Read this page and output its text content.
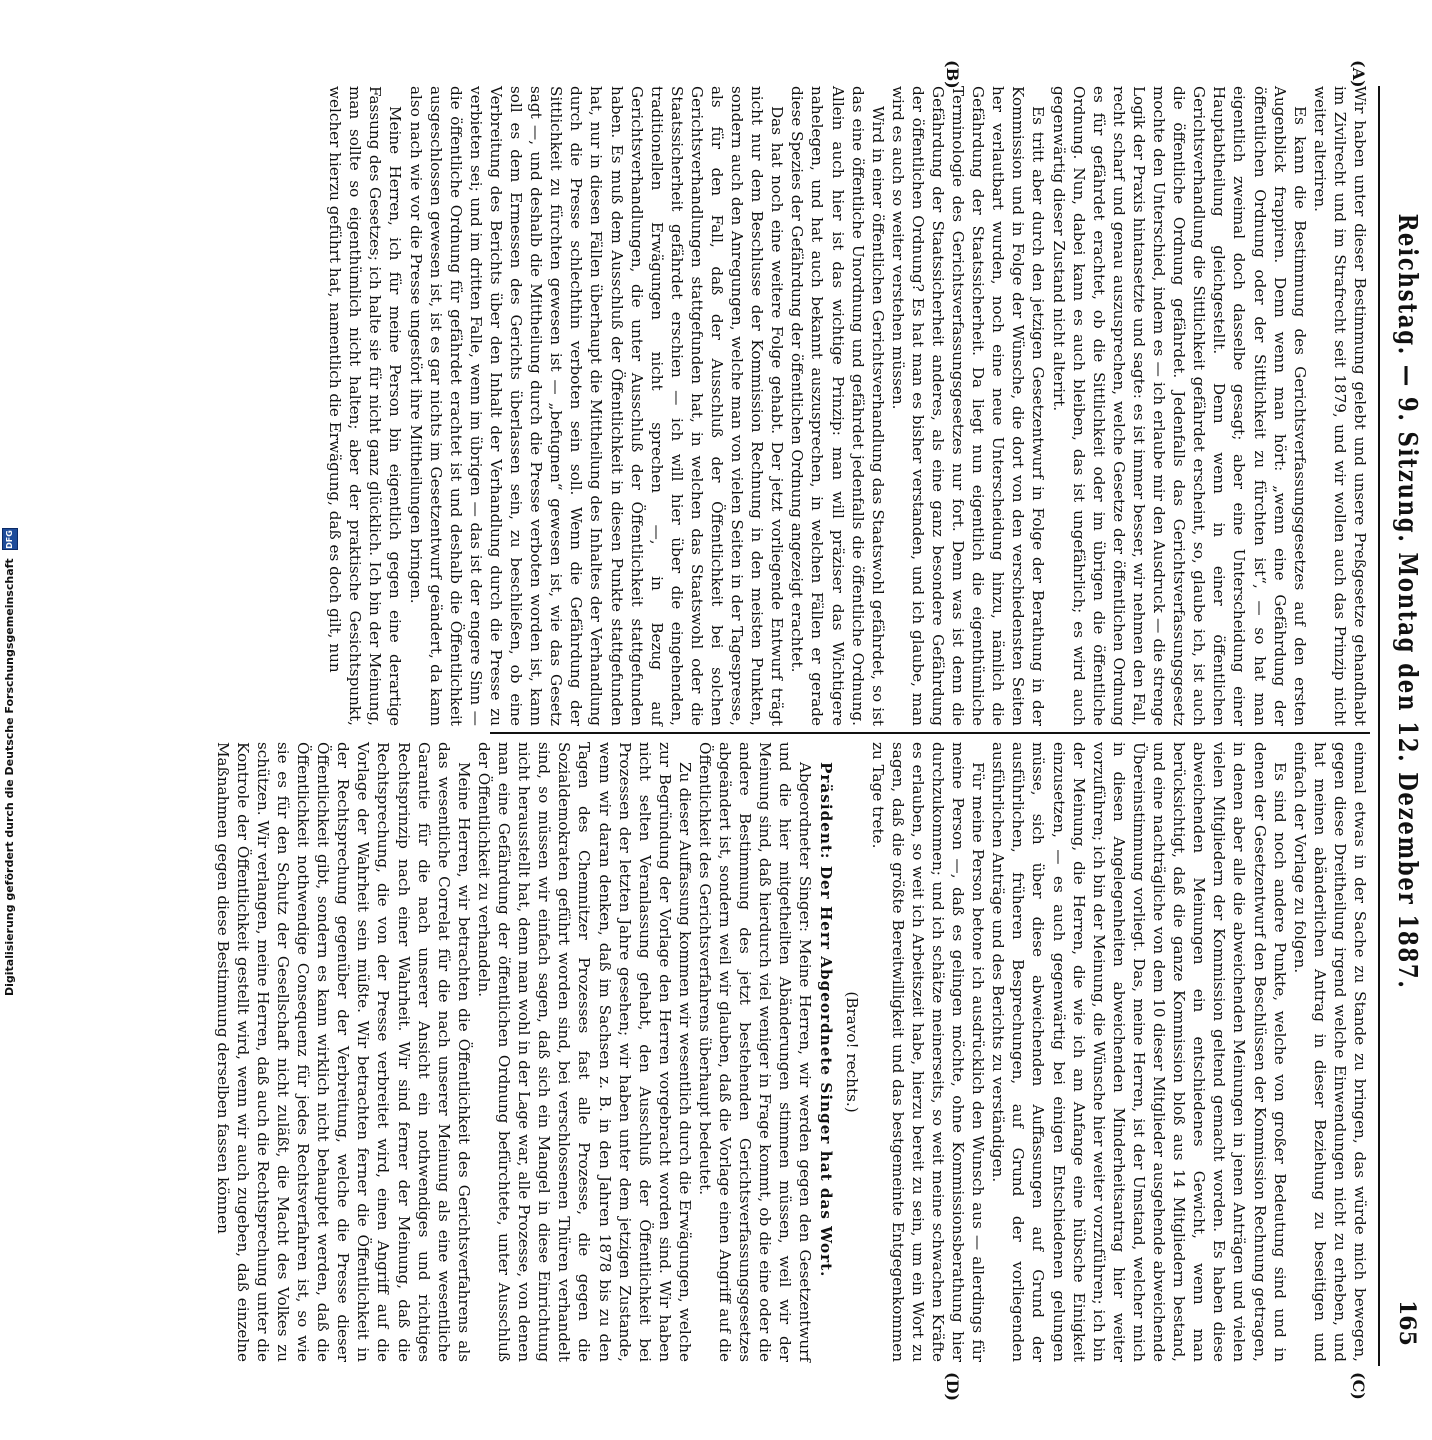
Reichstag. — 9. Sitzung. Montag den 12. Dezember 1887.
165
(A)
(B)

Wir haben unter dieser Bestimmung gelebt und unsere Preßgesetze gehandhabt im Zivilrecht und im Strafrecht seit 1879, und wir wollen auch das Prinzip nicht weiter alteriren.

Es kann die Bestimmung des Gerichtsverfassungsgesetzes auf den ersten Augenblick frappiren. Denn wenn man hört: „wenn eine Gefährdung der öffentlichen Ordnung oder der Sittlichkeit zu fürchten ist“, — so hat man eigentlich zweimal doch dasselbe gesagt; aber eine Unterscheidung einer Hauptabtheilung gleichgestellt. Denn wenn in einer öffentlichen Gerichtsverhandlung die Sittlichkeit gefährdet erscheint, so, glaube ich, ist auch die öffentliche Ordnung gefährdet. Jedenfalls das Gerichtsverfassungsgesetz mochte den Unterschied, indem es — ich erlaube mir den Ausdruck — die strenge Logik der Praxis hintansetzte und sagte: es ist immer besser, wir nehmen den Fall, recht scharf und genau auszusprechen, welche Gesetze der öffentlichen Ordnung es für gefährdet erachtet, ob die Sittlichkeit oder im übrigen die öffentliche Ordnung. Nun, dabei kann es auch bleiben, das ist ungefährlich; es wird auch gegenwärtig dieser Zustand nicht alterirt.

Es tritt aber durch den jetzigen Gesetzentwurf in Folge der Berathung in der Kommission und in Folge der Wünsche, die dort von den verschiedensten Seiten her verlautbart wurden, noch eine neue Unterscheidung hinzu, nämlich die Gefährdung der Staatssicherheit. Da liegt nun eigentlich die eigenthümliche Terminologie des Gerichtsverfassungsgesetzes nur fort. Denn was ist denn die Gefährdung der Staatssicherheit anderes, als eine ganz besondere Gefährdung der öffentlichen Ordnung? Es hat man es bisher verstanden, und ich glaube, man wird es auch so weiter verstehen müssen.

Wird in einer öffentlichen Gerichtsverhandlung das Staatswohl gefährdet, so ist das eine öffentliche Unordnung und gefährdet jedenfalls die öffentliche Ordnung. Allein auch hier ist das wichtige Prinzip: man will präziser das Wichtigere nahelegen, und hat auch bekannt auszusprechen, in welchen Fällen er gerade diese Spezies der Gefährdung der öffentlichen Ordnung angezeigt erachtet.

Das hat noch eine weitere Folge gehabt. Der jetzt vorliegende Entwurf trägt nicht nur dem Beschlusse der Kommission Rechnung in den meisten Punkten, sondern auch den Anregungen, welche man von vielen Seiten in der Tagespresse, als für den Fall, daß der Ausschluß der Öffentlichkeit bei solchen Gerichtsverhandlungen stattgefunden hat, in welchen das Staatswohl oder die Staatssicherheit gefährdet erschien — ich will hier über die eingehenden, traditionellen Erwägungen nicht sprechen —, in Bezug auf Gerichtsverhandlungen, die unter Ausschluß der Öffentlichkeit stattgefunden haben. Es muß dem Ausschluß der Öffentlichkeit in diesen Punkte stattgefunden hat, nur in diesen Fällen überhaupt die Mittheilung des Inhaltes der Verhandlung durch die Presse schlechthin verboten sein soll. Wenn die Gefährdung der Sittlichkeit zu fürchten gewesen ist — „befugnen“ gewesen ist, wie das Gesetz sagt —, und deshalb die Mittheilung durch die Presse verboten worden ist, kann soll es dem Ermessen des Gerichts überlassen sein, zu beschließen, ob eine Verbreitung des Berichts über den Inhalt der Verhandlung durch die Presse zu verbieten sei; und im dritten Falle, wenn im übrigen — das ist der engere Sinn — die öffentliche Ordnung für gefährdet erachtet ist und deshalb die Öffentlichkeit ausgeschlossen gewesen ist, ist es gar nichts im Gesetzentwurf geändert, da kann also nach wie vor die Presse ungestört ihre Mittheilungen bringen.

Meine Herren, ich für meine Person bin eigentlich gegen eine derartige Fassung des Gesetzes; ich halte sie für nicht ganz glücklich. Ich bin der Meinung, man sollte so eigenthümlich nicht halten; aber der praktische Gesichtspunkt, welcher hierzu geführt hat, namentlich die Erwägung, daß es doch gilt, nun

einmal etwas in der Sache zu Stande zu bringen, das würde mich bewegen, gegen diese Dreitheilung irgend welche Einwendungen nicht zu erheben, und hat meinen abänderlichen Antrag in dieser Beziehung zu beseitigen und einfach der Vorlage zu folgen.

Es sind noch andere Punkte, welche von großer Bedeutung sind und in denen der Gesetzentwurf den Beschlüssen der Kommission Rechnung getragen, in denen aber alle die abweichenden Meinungen in jenen Anträgen und vielen vielen Mitgliedern der Kommission geltend gemacht worden. Es haben diese abweichenden Meinungen ein entschiedenes Gewicht, wenn man berücksichtigt, daß die ganze Kommission bloß aus 14 Mitgliedern bestand, und eine nachträgliche von dem 10 dieser Mitglieder ausgehende abweichende Übereinstimmung vorliegt. Das, meine Herren, ist der Umstand, welcher mich in diesen Angelegenheiten abweichenden Minderheitsantrag hier weiter vorzuführen; ich bin der Meinung, die Wünsche hier weiter vorzuführen; ich bin der Meinung, die Herren, die wie ich am Anfange eine hübsche Einigkeit einzusetzen, — es auch gegenwärtig bei einigen Entschiedenen gelungen müsse, sich über diese abweichenden Auffassungen auf Grund der ausführlichen, früheren Besprechungen, auf Grund der vorliegenden ausführlichen Anträge und des Berichts zu verständigen.

Für meine Person betone ich ausdrücklich den Wunsch aus — allerdings für meine Person —, daß es gelingen möchte, ohne Kommissionsberathung hier durchzukommen; und ich schätze meinerseits, so weit meine schwachen Kräfte es erlauben, so weit ich Arbeitszeit habe, hierzu bereit zu sein, um ein Wort zu sagen, daß die größte Bereitwilligkeit und das bestgemeinte Entgegenkommen zu Tage trete.

(Bravo! rechts.)

Präsident: Der Herr Abgeordnete Singer hat das Wort.

Abgeordneter Singer: Meine Herren, wir werden gegen den Gesetzentwurf und die hier mitgetheilten Abänderungen stimmen müssen, weil wir der Meinung sind, daß hierdurch viel weniger in Frage kommt, ob die eine oder die andere Bestimmung des jetzt bestehenden Gerichtsverfassungsgesetzes abgeändert ist, sondern weil wir glauben, daß die Vorlage einen Angriff auf die Öffentlichkeit des Gerichtsverfahrens überhaupt bedeutet.

Zu dieser Auffassung kommen wir wesentlich durch die Erwägungen, welche zur Begründung der Vorlage den Herren vorgebracht worden sind. Wir haben nicht selten Veranlassung gehabt, den Ausschluß der Öffentlichkeit bei Prozessen der letzten Jahre gesehen; wir haben unter dem jetzigen Zustande, wenn wir daran denken, daß im Sachsen z. B. in den Jahren 1878 bis zu den Tagen des Chemnitzer Prozesses fast alle Prozesse, die gegen die Sozialdemokraten geführt worden sind, bei verschlossenen Thüren verhandelt sind, so müssen wir einfach sagen, daß sich ein Mangel in diese Einrichtung nicht herausstellt hat, denn man wohl in der Lage war, alle Prozesse, von denen man eine Gefährdung der öffentlichen Ordnung befürchtete, unter Ausschluß der Öffentlichkeit zu verhandeln.

Meine Herren, wir betrachten die Öffentlichkeit des Gerichtsverfahrens als das wesentliche Correlat für die nach unserer Meinung als eine wesentliche Garantie für die nach unserer Ansicht ein nothwendiges und richtiges Rechtsprinzip nach einer Wahrheit. Wir sind ferner der Meinung, daß die Rechtsprechung, die von der Presse verbreitet wird, einen Angriff auf die Vorlage der Wahrheit sein müßte. Wir betrachten ferner die Öffentlichkeit in der Rechtsprechung gegenüber der Verbreitung, welche die Presse dieser Öffentlichkeit gibt, sondern es kann wirklich nicht behauptet werden, daß die Öffentlichkeit nothwendige Consequenz für jedes Rechtsverfahren ist, so wie sie es für den Schutz der Gesellschaft nicht zuläßt, die Macht des Volkes zu schützen. Wir verlangen, meine Herren, daß auch die Rechtsprechung unter die Kontrole der Öffentlichkeit gestellt wird, wenn wir auch zugeben, daß einzelne Maßnahmen gegen diese Bestimmung derselben fassen können

(C)
(D)
Digitalisierung gefördert durch die Deutsche Forschungsgemeinschaft
DFG
